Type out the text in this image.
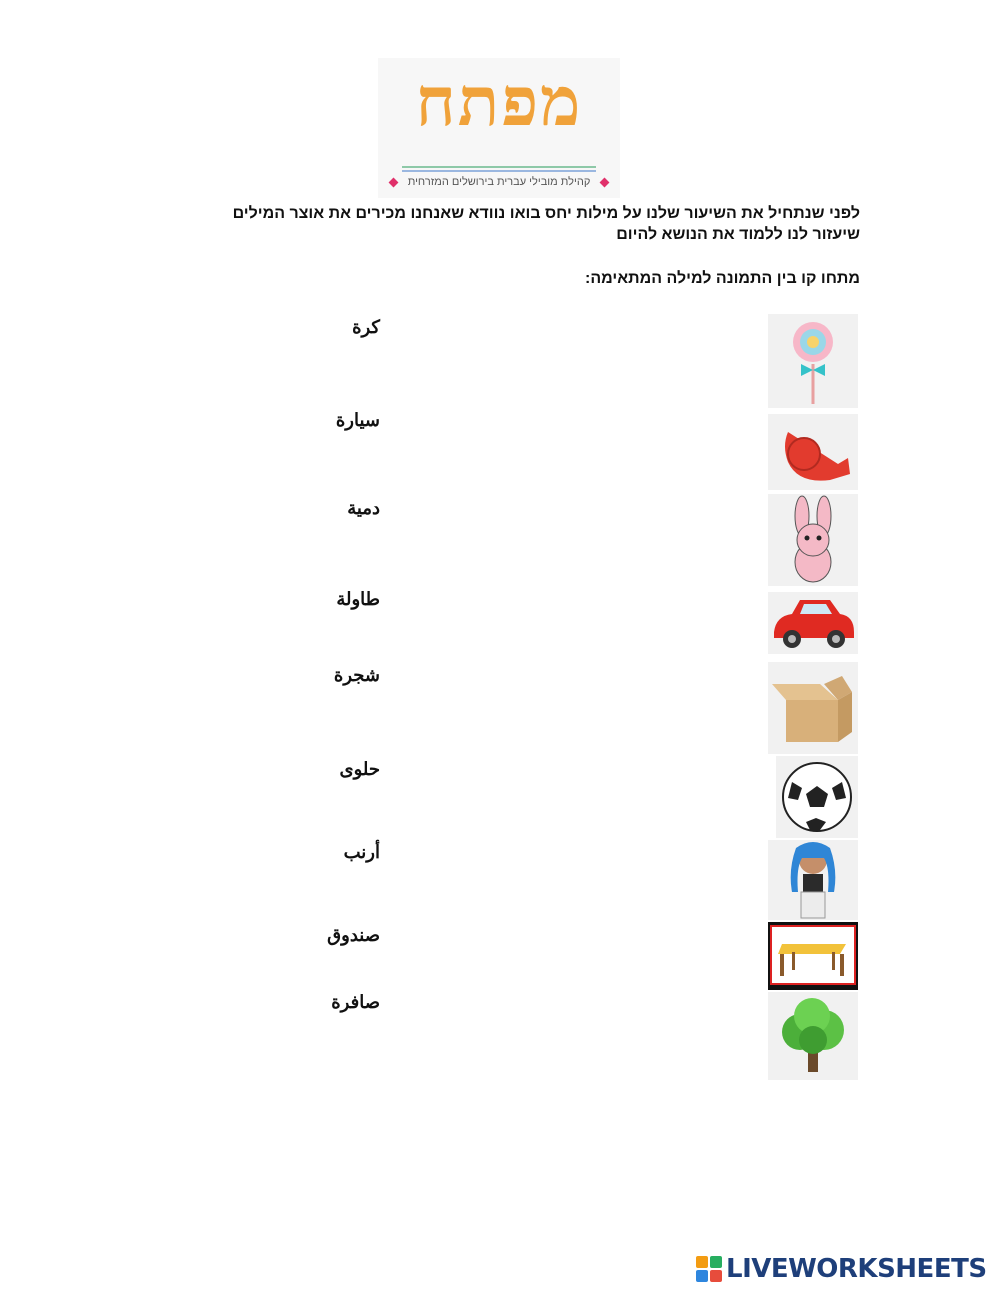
מפתח
קהילת מובילי עברית בירושלים המזרחית
לפני שנתחיל את השיעור שלנו על מילות יחס בואו נוודא שאנחנו מכירים את אוצר המילים
שיעזור לנו ללמוד את הנושא להיום
מתחו קו בין התמונה למילה המתאימה:
كرة
سيارة
دمية
طاولة
شجرة
حلوى
أرنب
صندوق
صافرة
LIVEWORKSHEETS
